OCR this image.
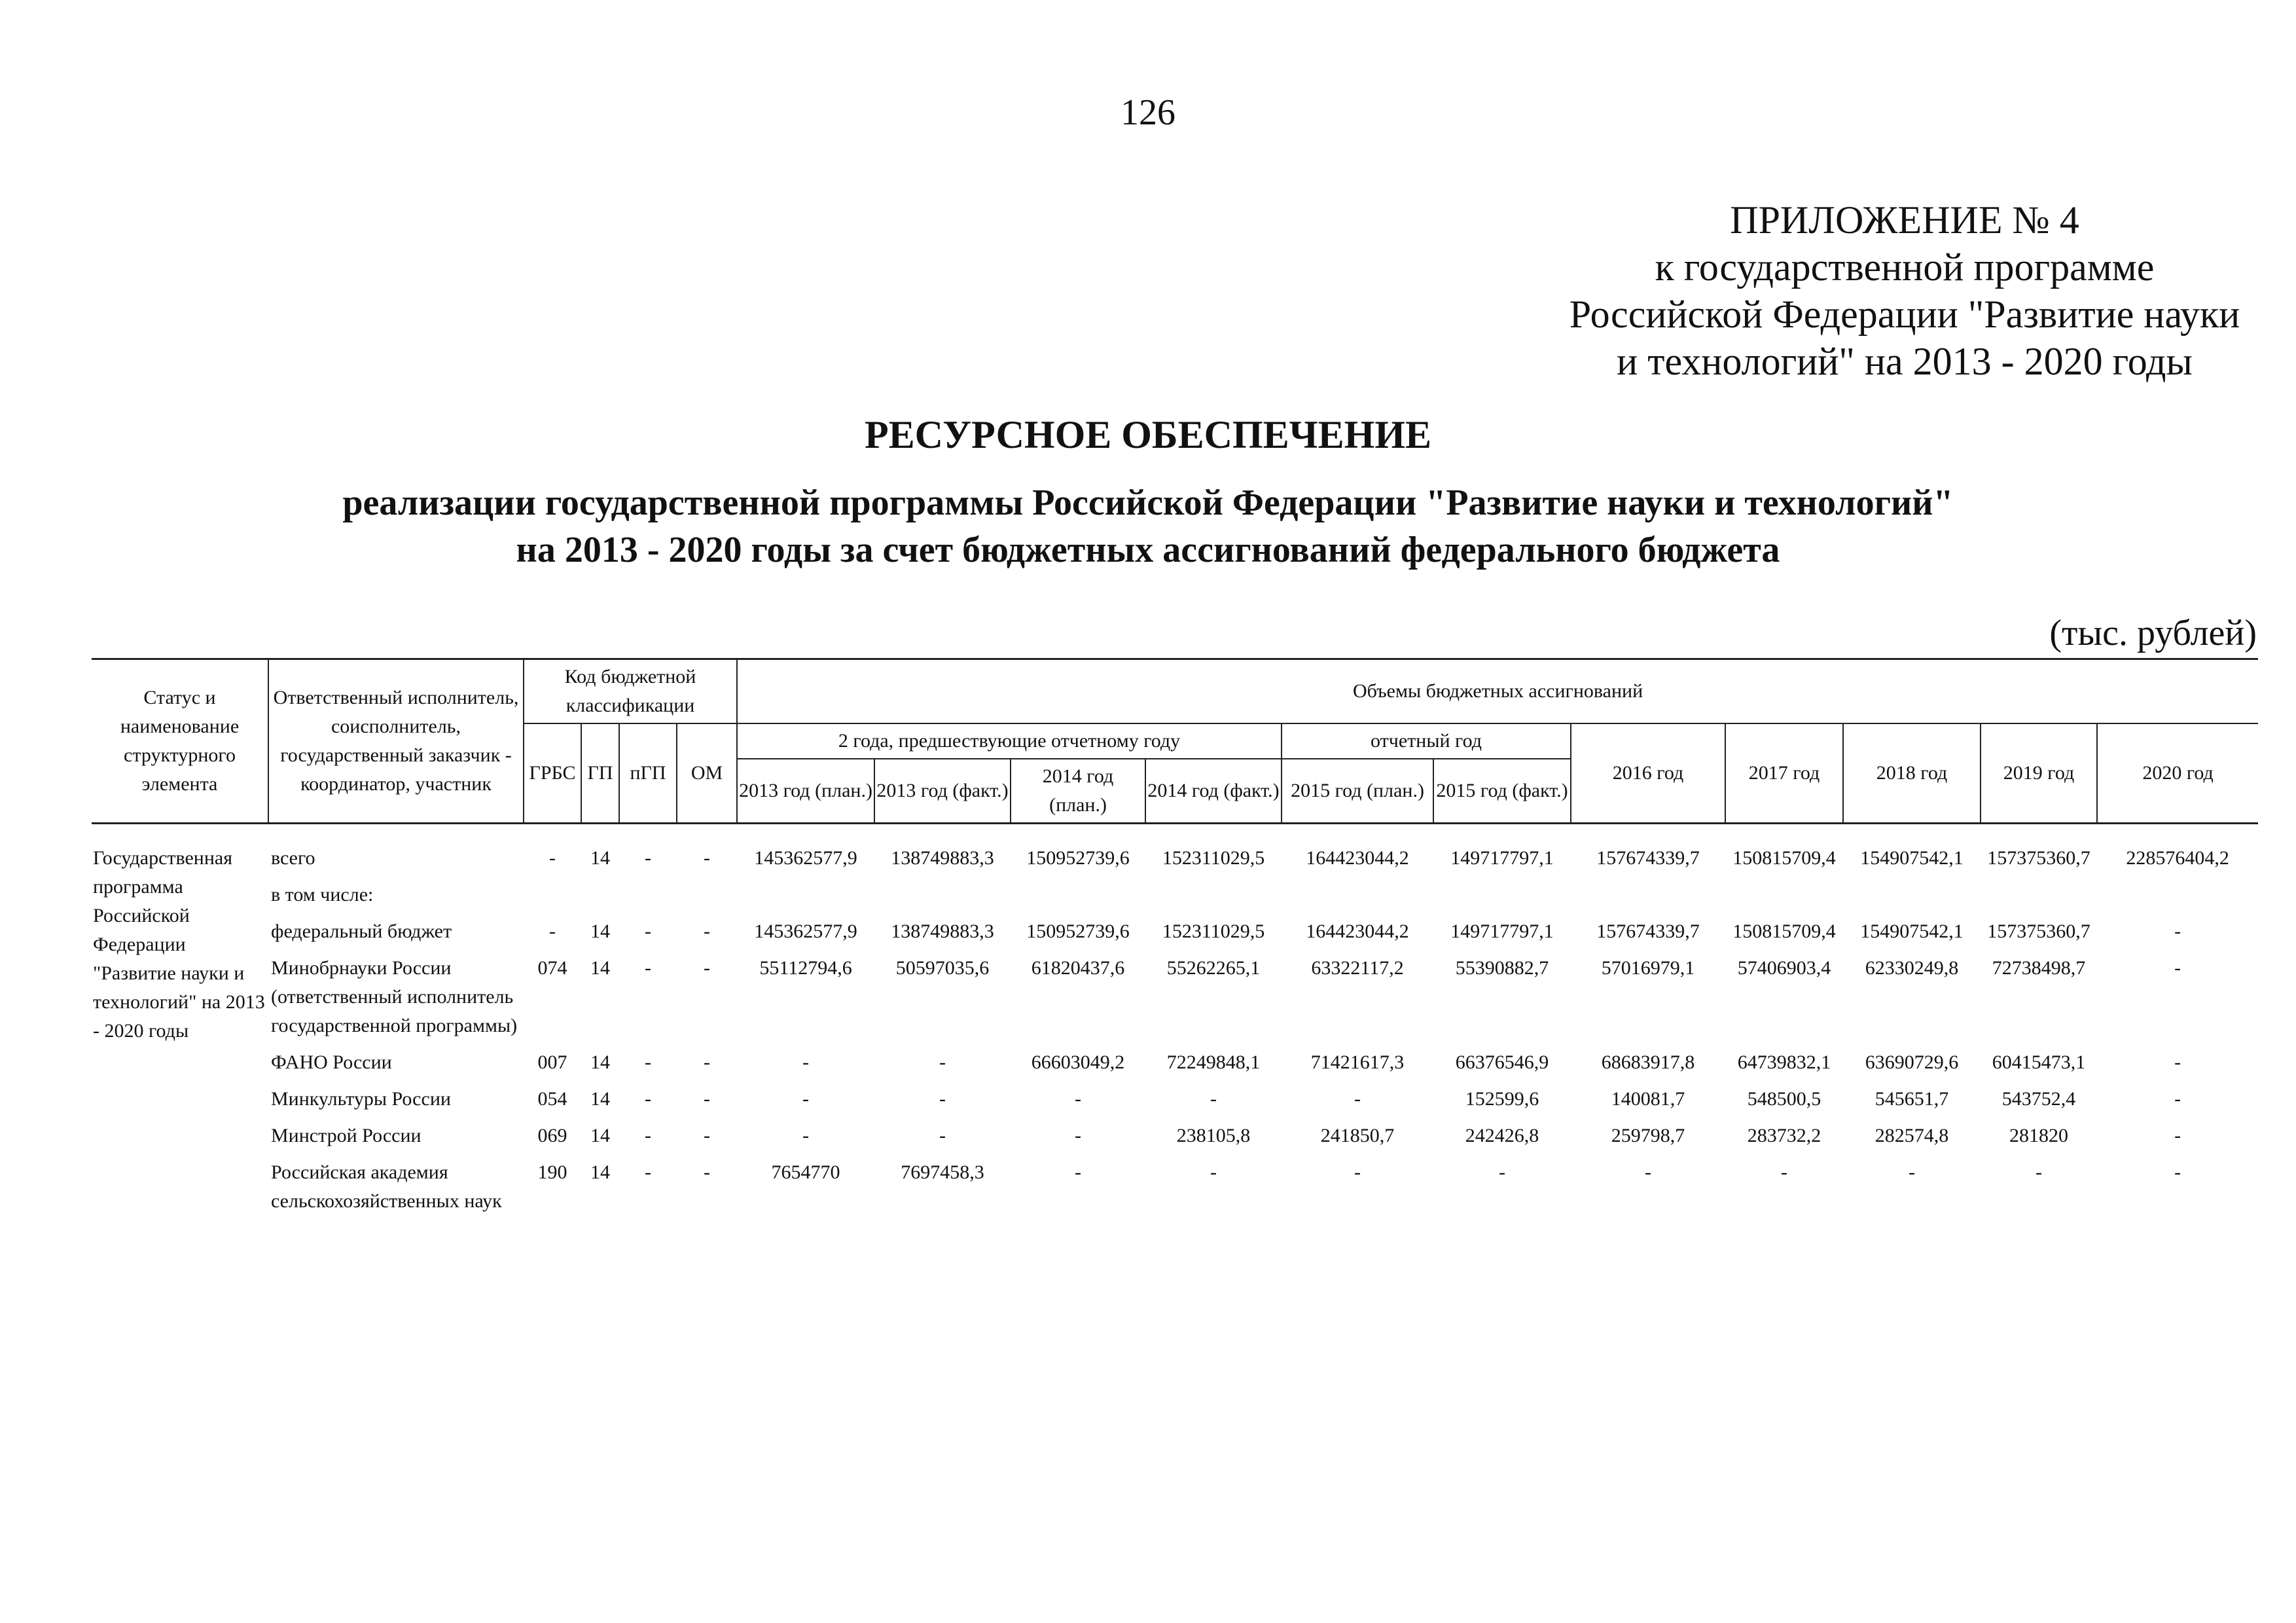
126
ПРИЛОЖЕНИЕ № 4
к государственной программе
Российской Федерации "Развитие науки
и технологий" на 2013 - 2020 годы
РЕСУРСНОЕ ОБЕСПЕЧЕНИЕ
реализации государственной программы Российской Федерации "Развитие науки и технологий"
на 2013 - 2020 годы за счет бюджетных ассигнований федерального бюджета
(тыс. рублей)
Статус и наименование структурного элемента	Ответственный исполнитель, соисполнитель, государственный заказчик - координатор, участник	Код бюджетной классификации				Объемы бюджетных ассигнований										
		ГРБС	ГП	пГП	ОМ	2 года, предшествующие отчетному году				отчетный год		2016 год	2017 год	2018 год	2019 год	2020 год
						2013 год (план.)	2013 год (факт.)	2014 год (план.)	2014 год (факт.)	2015 год (план.)	2015 год (факт.)					
Государственная программа Российской Федерации "Развитие науки и технологий" на 2013 - 2020 годы	всего	-	14	-	-	145362577,9	138749883,3	150952739,6	152311029,5	164423044,2	149717797,1	157674339,7	150815709,4	154907542,1	157375360,7	228576404,2
	в том числе:															
	федеральный бюджет	-	14	-	-	145362577,9	138749883,3	150952739,6	152311029,5	164423044,2	149717797,1	157674339,7	150815709,4	154907542,1	157375360,7	-
	Минобрнауки России (ответственный исполнитель государственной программы)	074	14	-	-	55112794,6	50597035,6	61820437,6	55262265,1	63322117,2	55390882,7	57016979,1	57406903,4	62330249,8	72738498,7	-
	ФАНО России	007	14	-	-	-	-	66603049,2	72249848,1	71421617,3	66376546,9	68683917,8	64739832,1	63690729,6	60415473,1	-
	Минкультуры России	054	14	-	-	-	-	-	-	-	152599,6	140081,7	548500,5	545651,7	543752,4	-
	Минстрой России	069	14	-	-	-	-	-	238105,8	241850,7	242426,8	259798,7	283732,2	282574,8	281820	-
	Российская академия сельскохозяйственных наук	190	14	-	-	7654770	7697458,3	-	-	-	-	-	-	-	-	-
